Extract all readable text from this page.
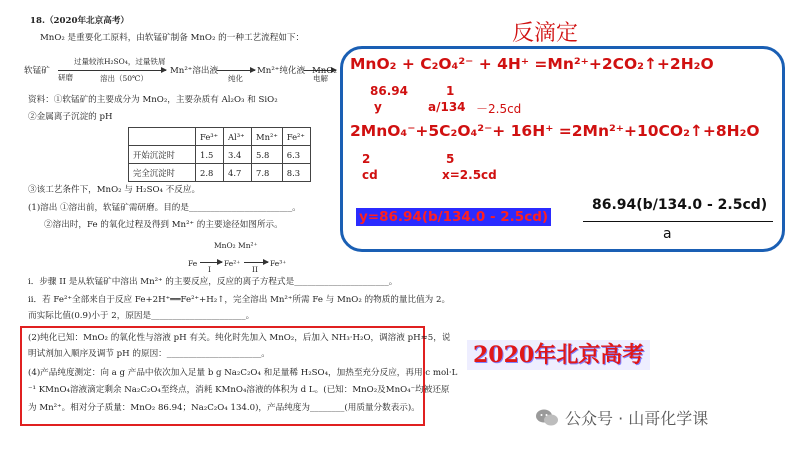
18.（2020年北京高考）
MnO₂ 是重要化工原料，由软锰矿制备 MnO₂ 的一种工艺流程如下：
软锰矿
过量较浓H₂SO₄，过量铁屑
研磨	溶出（50℃）
Mn²⁺溶出液
纯化
Mn²⁺纯化液
电解
MnO₂
资料：①软锰矿的主要成分为 MnO₂，主要杂质有 Al₂O₃ 和 SiO₂
②金属离子沉淀的 pH
	Fe³⁺	Al³⁺	Mn²⁺	Fe²⁺
开始沉淀时	1.5	3.4	5.8	6.3
完全沉淀时	2.8	4.7	7.8	8.3
③该工艺条件下，MnO₂ 与 H₂SO₄ 不反应。
(1)溶出 ①溶出前，软锰矿需研磨。目的是________________________。
②溶出时，Fe 的氧化过程及得到 Mn²⁺ 的主要途径如图所示。
MnO₂ Mn²⁺
Fe
I
Fe²⁺
II
Fe³⁺
i．步骤 II 是从软锰矿中溶出 Mn²⁺ 的主要反应，反应的离子方程式是______________________。
ii．若 Fe²⁺全部来自于反应 Fe+2H⁺══Fe²⁺+H₂↑，完全溶出 Mn²⁺所需 Fe 与 MnO₂ 的物质的量比值为 2。
而实际比值(0.9)小于 2，原因是______________________。
(2)纯化已知：MnO₂ 的氧化性与溶液 pH 有关。纯化时先加入 MnO₂，后加入 NH₃·H₂O，调溶液 pH≈5，说
明试剂加入顺序及调节 pH 的原因：______________________。
(4)产品纯度测定：向 a g 产品中依次加入足量 b g Na₂C₂O₄ 和足量稀 H₂SO₄，加热至充分反应，再用 c mol·L
⁻¹ KMnO₄溶液滴定剩余 Na₂C₂O₄至终点，消耗 KMnO₄溶液的体积为 d L。(已知：MnO₂及MnO₄⁻均被还原
为 Mn²⁺。相对分子质量：MnO₂ 86.94；Na₂C₂O₄ 134.0)，产品纯度为________(用质量分数表示)。
反滴定
MnO₂ + C₂O₄²⁻ + 4H⁺ =Mn²⁺+2CO₂↑+2H₂O
86.94	1
y	a/134 －2.5cd
2MnO₄⁻+5C₂O₄²⁻+ 16H⁺ =2Mn²⁺+10CO₂↑+8H₂O
2	5
cd	x=2.5cd
y=86.94(b/134.0 - 2.5cd)
86.94(b/134.0 - 2.5cd)
a
2020年北京高考
公众号 · 山哥化学课
